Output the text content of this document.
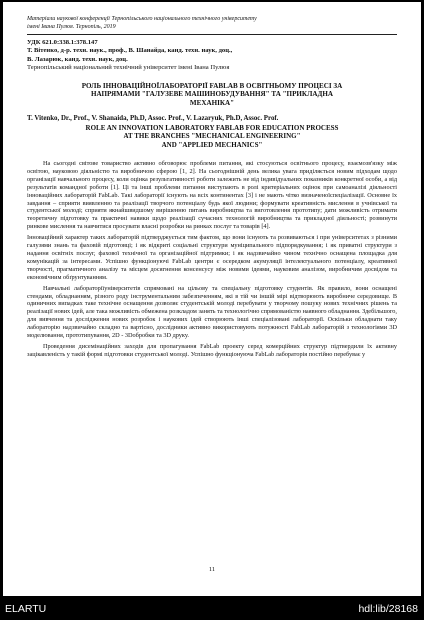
Матеріали наукової конференції Тернопільського національного технічного університету
імені Івана Пулюя. Тернопіль, 2019
УДК 621.0:338.1:378.147
Т. Вітенко, д-р. техн. наук., проф., В. Шанайда, канд. техн. наук, доц.,
В. Лазарюк, канд. техн. наук, доц.
Тернопільський національний технічний університет імені Івана Пулюя
РОЛЬ ІННОВАЦІЙНОЇЛАБОРАТОРІЇ FABLAB В ОСВІТНЬОМУ ПРОЦЕСІ ЗА
НАПРЯМАМИ "ГАЛУЗЕВЕ МАШИНОБУДУВАННЯ" ТА "ПРИКЛАДНА
МЕХАНІКА"
T. Vitenko, Dr., Prof., V. Shanaida, Ph.D, Assoc. Prof., V. Lazaryuk, Ph.D, Assoc. Prof.
ROLE AN INNOVATION LABORATORY FABLAB FOR EDUCATION PROCESS
AT THE BRANCHES "MECHANICAL ENGINEERING"
AND "APPLIED MECHANICS"

На сьогодні світове товариство активно обговорює проблеми питання, які стосуються освітнього процесу, взаємозв'язку між освітою, науковою діяльністю та виробничою сферою [1, 2]. На сьогоднішній день велика увага приділяється новим підходам щодо організації навчального процесу, коли оцінка результативності роботи залежить не від індивідуальних показників конкретної особи, а від результатів командної роботи [1]. Ці та інші проблеми питання виступають в ролі критеріальних оцінок при самоаналізі діяльності інноваційних лабораторій FabLab. Такі лабораторії існують на всіх континентах [3] і не мають чітко визначеноїспеціалізації. Основне їх завдання – сприяти виявленню та реалізації творчого потенціалу будь якої людини; формувати креативність мислення в учнівської та студентської молоді; сприяти якнайшвидшому вирішенню питань виробництва та виготовлення прототипу; дати можливість отримати теоретичну підготовку та практичні навики щодо реалізації сучасних технологій виробництва та прикладної діяльності; розвинути ринкове мислення та навчитися просувати власні розробки на ринках послуг та товарів [4].

Інноваційний характер таких лабораторій підтверджується тим фактом, що вони існують та розвиваються і при університетах з різними галузями знань та фаховій підготовці; і як відкриті соціальні структури муніципального підпорядкування; і як приватні структури з надання освітніх послуг, фахової технічної та організаційної підтримки; і як надзвичайно чином технічно оснащена площадка для комунікацій за інтересами. Успішно функціонуючі FabLab центри є осередком акумуляції інтелектуального потенціалу, креативної творчості, прагматичного аналізу та місцем досягнення консенсусу між новими ідеями, науковим аналізом, виробничим досвідом та економічним обґрунтуванням.

Навчальні лабораторіїуніверситетів спрямовані на цільову та спеціальну підготовку студентів. Як правило, вони оснащені стендами, обладнанням, різного роду інструментальним забезпеченням, які в тій чи іншій мірі відтворюють виробниче середовище. В одиничних випадках таке технічне оснащення дозволяє студентській молоді перебувати у творчому пошуку нових технічних рішень та реалізації нових ідей, але така можливість обмежена розкладом занять та технологічно спрямованістю наявного обладнання. Здебільшого, для вивчення та дослідження нових розробок і наукових ідей створюють інші спеціалізовані лабораторії. Оскільки обладнати таку лабораторію надзвичайно складно та вартісно, дослідники активно використовують потужності FabLab лабораторій з технологіями 3D моделювання, прототипування, 2D - 3Dобробки та 3D друку.

Проведення дисемінаційних заходів для пропагування FabLab проекту серед комерційних структур підтвердили їх активну зацікавленість у такій формі підготовки студентської молоді. Успішно функціонуюча FabLab лабораторія постійно перебуває у

11
ELARTU	hdl:lib/28168
